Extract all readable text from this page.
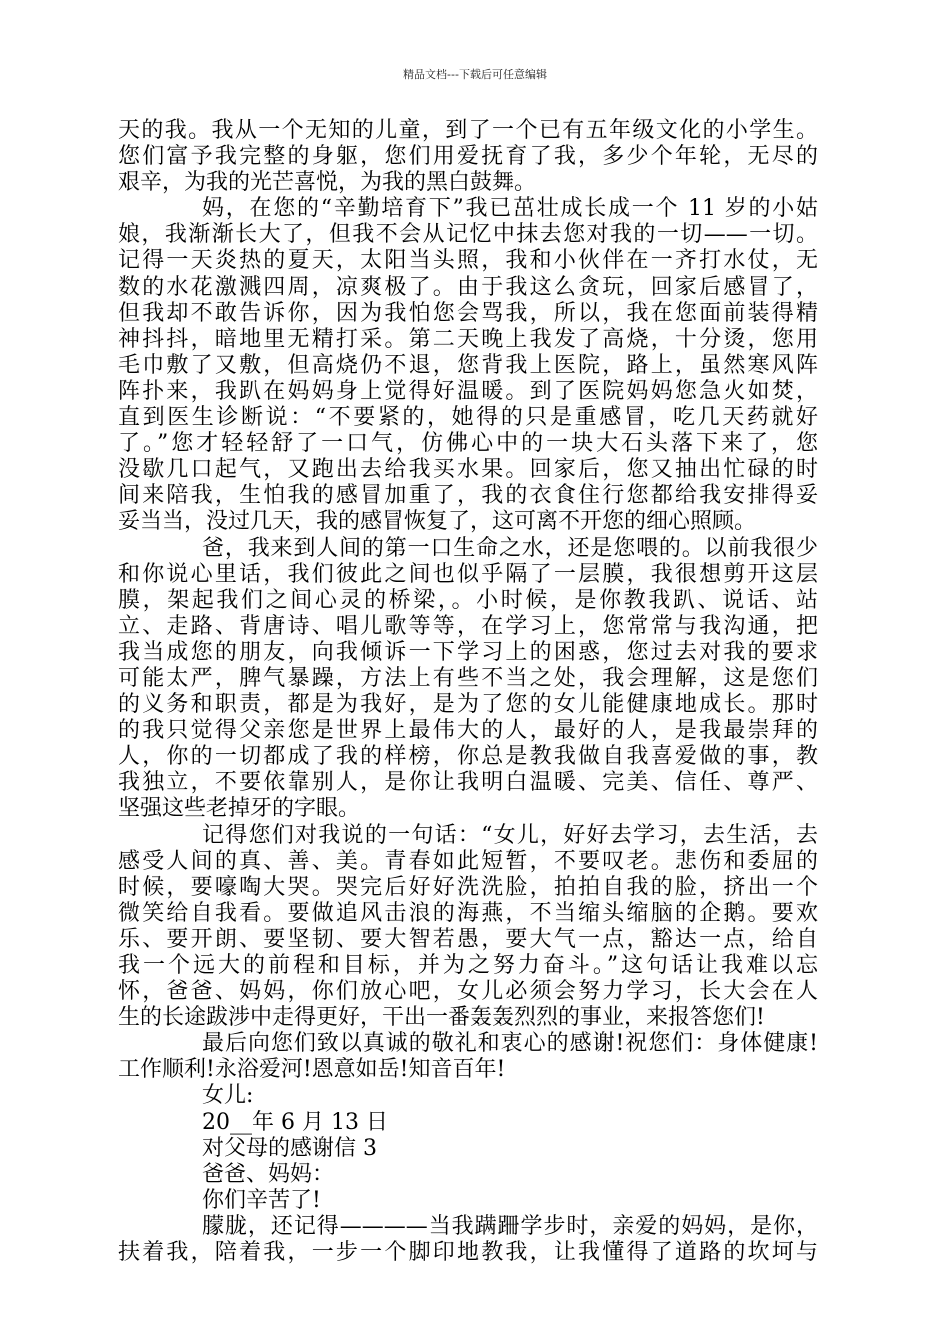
精品文档---下载后可任意编辑
天的我。我从一个无知的儿童，到了一个已有五年级文化的小学生。
您们富予我完整的身躯，您们用爱抚育了我，多少个年轮，无尽的
艰辛，为我的光芒喜悦，为我的黑白鼓舞。
妈，在您的“辛勤培育下”我已茁壮成长成一个 11 岁的小姑
娘，我渐渐长大了，但我不会从记忆中抹去您对我的一切——一切。
记得一天炎热的夏天，太阳当头照，我和小伙伴在一齐打水仗，无
数的水花激溅四周，凉爽极了。由于我这么贪玩，回家后感冒了，
但我却不敢告诉你，因为我怕您会骂我，所以，我在您面前装得精
神抖抖，暗地里无精打采。第二天晚上我发了高烧，十分烫，您用
毛巾敷了又敷，但高烧仍不退，您背我上医院，路上，虽然寒风阵
阵扑来，我趴在妈妈身上觉得好温暖。到了医院妈妈您急火如焚，
直到医生诊断说：“不要紧的，她得的只是重感冒，吃几天药就好
了。”您才轻轻舒了一口气，仿佛心中的一块大石头落下来了，您
没歇几口起气，又跑出去给我买水果。回家后，您又抽出忙碌的时
间来陪我，生怕我的感冒加重了，我的衣食住行您都给我安排得妥
妥当当，没过几天，我的感冒恢复了，这可离不开您的细心照顾。
爸，我来到人间的第一口生命之水，还是您喂的。以前我很少
和你说心里话，我们彼此之间也似乎隔了一层膜，我很想剪开这层
膜，架起我们之间心灵的桥梁，。小时候，是你教我趴、说话、站
立、走路、背唐诗、唱儿歌等等，在学习上，您常常与我沟通，把
我当成您的朋友，向我倾诉一下学习上的困惑，您过去对我的要求
可能太严，脾气暴躁，方法上有些不当之处，我会理解，这是您们
的义务和职责，都是为我好，是为了您的女儿能健康地成长。那时
的我只觉得父亲您是世界上最伟大的人，最好的人，是我最崇拜的
人，你的一切都成了我的样榜，你总是教我做自我喜爱做的事，教
我独立，不要依靠别人，是你让我明白温暖、完美、信任、尊严、
坚强这些老掉牙的字眼。
记得您们对我说的一句话：“女儿，好好去学习，去生活，去
感受人间的真、善、美。青春如此短暂，不要叹老。悲伤和委屈的
时候，要嚎啕大哭。哭完后好好洗洗脸，拍拍自我的脸，挤出一个
微笑给自我看。要做追风击浪的海燕，不当缩头缩脑的企鹅。要欢
乐、要开朗、要坚韧、要大智若愚，要大气一点，豁达一点，给自
我一个远大的前程和目标，并为之努力奋斗。”这句话让我难以忘
怀，爸爸、妈妈，你们放心吧，女儿必须会努力学习，长大会在人
生的长途跋涉中走得更好，干出一番轰轰烈烈的事业，来报答您们!
最后向您们致以真诚的敬礼和衷心的感谢!祝您们：身体健康!
工作顺利!永浴爱河!恩意如岳!知音百年!
女儿:
20__年 6 月 13 日
对父母的感谢信 3
爸爸、妈妈：
你们辛苦了!
朦胧，还记得————当我蹒跚学步时，亲爱的妈妈，是你，
扶着我，陪着我，一步一个脚印地教我，让我懂得了道路的坎坷与
